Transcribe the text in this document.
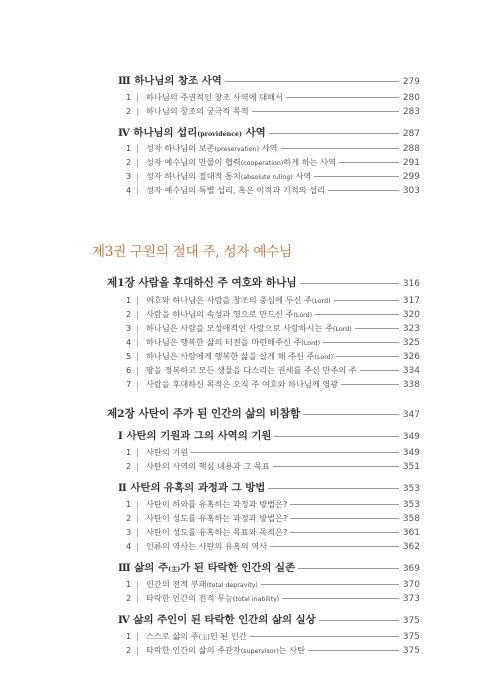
Ⅲ 하나님의 창조 사역	279
1 | 하나님의 주권적인 창조 사역에 대해서	280
2 | 하나님의 창조의 궁극적 목적	283
Ⅳ 하나님의 섭리(providence) 사역	287
1 | 성자 하나님의 보존(preservation) 사역	288
2 | 성자 예수님의 만물이 협력(cooperation)하게 하는 사역	291
3 | 성자 하나님의 절대적 통치(absolute ruling) 사역	299
4 | 성자 예수님의 특별 섭리, 혹은 이적과 기적의 섭리	303
제3권 구원의 절대 주, 성자 예수님
제1장 사람을 후대하신 주 여호와 하나님	316
1 | 여호와 하나님은 사람을 창조의 중심에 두신 주(Lord)	317
2 | 사람을 하나님의 속성과 영으로 만드신 주(Lord)	320
3 | 하나님은 사람을 모성애적인 사랑으로 사랑하시는 주(Lord)	323
4 | 하나님은 행복한 삶의 터전을 마련해주신 주(Lord)	325
5 | 하나님은 사람에게 행복한 삶을 살게 해 주신 주(Lord)	326
6 | 땅을 정복하고 모든 생물을 다스리는 권세를 주신 만주의 주	334
7 | 사람을 후대하신 목적은 오직 주 여호와 하나님께 영광	338
제2장 사탄이 주가 된 인간의 삶의 비참함	347
Ⅰ 사탄의 기원과 그의 사역의 기원	349
1 | 사탄의 기원	349
2 | 사탄의 사역의 핵심 내용과 그 목표	351
Ⅱ 사탄의 유혹의 과정과 그 방법	353
1 | 사탄이 하와를 유혹하는 과정과 방법은?	353
2 | 사탄이 성도를 유혹하는 과정과 방법은?	358
3 | 사탄이 성도를 유혹하는 목표와 목적은?	361
4 | 인류의 역사는 사탄의 유혹의 역사	362
Ⅲ 삶의 주(主)가 된 타락한 인간의 실존	369
1 | 인간의 전적 부패(total depravity)	370
2 | 타락한 인간의 전적 무능(total inability)	373
Ⅳ 삶의 주인이 된 타락한 인간의 삶의 실상	375
1 | 스스로 삶의 주(主)인 된 인간	375
2 | 타락한 인간의 삶의 주관자(supervisor)는 사탄	375
